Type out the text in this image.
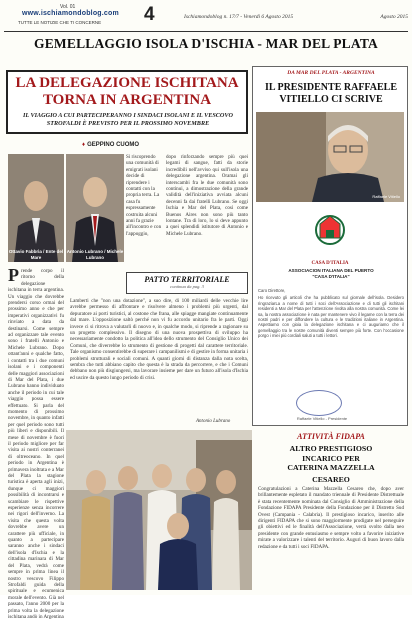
Vol. 01
www.ischiamondoblog.com
TUTTE LE NOTIZIE CHE TI CONCERNE 4	Ischiamondoblog n. 17/7 - Venerdì 6 Agosto 2015	Agosto 2015
GEMELLAGGIO ISOLA D'ISCHIA - MAR DEL PLATA
LA DELEGAZIONE ISCHITANA
TORNA IN ARGENTINA
IL VIAGGIO A CUI PARTECIPERANNO I SINDACI ISOLANI E IL VESCOVO STROFALDI È PREVISTO PER IL PROSSIMO NOVEMBRE
♦ GEPPINO CUOMO
Ottavio Fabbrìa / Ente del Mare
Antonio Lubrano / Michele Lubrano
Si riscoprendo una comunità di emigrati isolani decide di riprendere i contatti con la propria terra. La casa fu espressamente costruita alcuni anni fa grazie all'incontro e con l'appoggio,
dopo rinforzando sempre più quei legami di sangue, fatti da storie incredibili nell'avviso qui sull'isola una delegazione argentina. Oramai gli interscambi fra le due comunità sono continui, a dimostrazione della grande validità dell'iniziativa avviata alcuni decenni fa dai fratelli Lubrano. Se oggi Ischia e Mar del Plata, così come Buenos Aires non sono più tanto lontane. Tra di loro, lo si deve appunto a quei splendidi istitutore di Antonio e Michele Lubrano.
Prende corpo il ritorno della delegazione ischitana in terra argentina. Un viaggio che dovrebbe prendersi corso ormai del prossimo anno e che per imperativi organizzativi fu rinviato a data da destinarsi. Come sempre ad organizzare tale evento sono i fratelli Antonio e Michele Lubrano. Dopo ottant'anni e qualche fatto, i contatti tra i due comuni isolani e i componenti delle maggiori associazioni di Mar del Plata, i due Lubrano hanno individuato anche il periodo in cui tale viaggio possa essere effettuato. Si parla del momento di prossimo novembre, in quanto infatti per quel periodo sono tutti più liberi e disponibili. Il mese di novembre è fuori il periodo migliore per far visita ai nostri conterranei di oltreoceano. In quel periodo in Argentina è primavera inoltrata e a Mar del Plata la stagione turistica è aperta agli inizi, dunque ci maggiori possibilità di incontrarsi e scambiare le rispettive esperienze senza incorrere nei rigori dell'inverno. La visita che questa volta dovrebbe avere un carattere più ufficiale, in quanto a partecipare saranno anche i sindaci dell'isola d'Ischia e la cittadina marinara di Mar del Plata, vedrà come sempre in prima linea il nostro vescovo Filippo Strofaldi guida della spirituale e ecumenica morale dell'evento. Già nel passato, l'anno 2000 per la prima volta la delegazione ischitana andò in Argentina
PATTO TERRITORIALE
continua da pag. 3
Lamberti che "non una dotazione", a suo dire, di 100 miliardi delle vecchie lire avrebbe permesso di affrontare e risolvere almeno i problemi più urgenti, dal depuratore ai porti turistici, al costone che frana, alle spiagge mangiate continuamente dal mare. L'opposizione saltò perché non vi fu accordo unitario fra le parti. Oggi invece ci si ritrova a valutarli di nuovo e, in qualche modo, si riprende a ragionare su un progetto complessivo. Il disegno di una nuova prospettiva di sviluppo ha necessariamente condotto la politica all'idea dello strumento del Consiglio Unico dei Comuni, che diverrebbe lo strumento di gestione di progetti dal carattere territoriale. Tale organismo consentirebbe di superare i campanilismi e di gestire in forma unitaria i problemi strutturali e sociali comuni. A quanti giorni di distanza dalla nota scelta, sembra che tutti abbiano capito che questa è la strada da percorrere, e che i Comuni debbano non più disgiungersi, ma lavorare insieme per dare un futuro all'isola d'Ischia ed uscire da questo lungo periodo di crisi.
Antonio Lubrano
DA MAR DEL PLATA - ARGENTINA
IL PRESIDENTE RAFFAELE
VITIELLO CI SCRIVE
Raffaele Vitiello
CASA D'ITALIA
ASSOCIACION ITALIANA DEL PUERTO
"CASA D'ITALIA"
Caro Direttore,
Ho ricevuto gli articoli che ha pubblicato sul giornale dell'isola. Desidero ringraziarLa a nome di tutti i soci dell'Associazione e di tutti gli ischitani residenti a Mar del Plata per l'attenzione rivolta alla nostra comunità. Come lei sa, la nostra associazione è nata per mantenere vivo il legame con la terra dei nostri padri e per diffondere la cultura e le tradizioni italiane in Argentina. Aspettiamo con gioia la delegazione ischitana e ci auguriamo che il gemellaggio tra le nostre comunità diventi sempre più forte. Con l'occasione porgo i miei più cordiali saluti a tutti i lettori.
Raffaele Vitiello - Presidente
ATTIVITÀ FIDAPA
ALTRO PRESTIGIOSO
INCARICO PER
CATERINA MAZZELLA
CESAREO
Congratulazioni a Caterina Mazzella Cesareo che, dopo aver brillantemente espletato il mandato triennale di Presidente Distrettuale è stata recentemente nominata dal Consiglio di Amministrazione della Fondazione FIDAPA Presidente della Fondazione per il Distretto Sud Ovest (Campania - Calabria). Il prestigioso incarico, inserito alle dirigenti FIDAPA che si sono maggiormente prodigate nel perseguire gli obiettivi ed le finalità dell'Associazione, verrà svolto dalla neo presidente con grande entusiasmo e sempre volto a favorire iniziative mirate a valorizzare i talenti del territorio. Auguri di buon lavoro dalla redazione e da tutti i soci FIDAPA.
